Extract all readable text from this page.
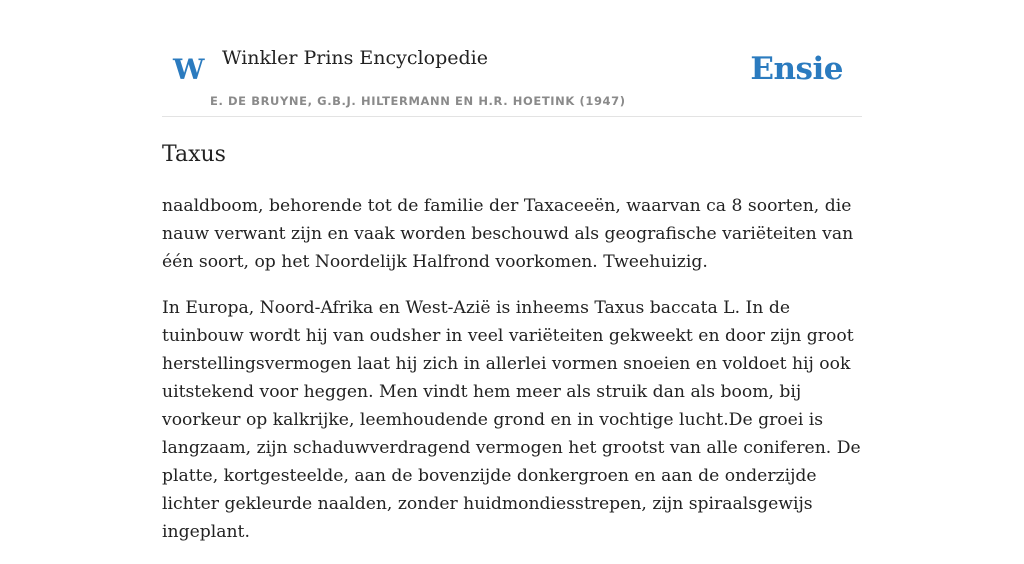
W Winkler Prins Encyclopedie
E. DE BRUYNE, G.B.J. HILTERMANN EN H.R. HOETINK (1947)
Ensie
Taxus

naaldboom, behorende tot de familie der Taxaceeën, waarvan ca 8 soorten, die nauw verwant zijn en vaak worden beschouwd als geografische variëteiten van één soort, op het Noordelijk Halfrond voorkomen. Tweehuizig.

In Europa, Noord-Afrika en West-Azië is inheems Taxus baccata L. In de tuinbouw wordt hij van oudsher in veel variëteiten gekweekt en door zijn groot herstellingsvermogen laat hij zich in allerlei vormen snoeien en voldoet hij ook uitstekend voor heggen. Men vindt hem meer als struik dan als boom, bij voorkeur op kalkrijke, leemhoudende grond en in vochtige lucht.De groei is langzaam, zijn schaduwverdragend vermogen het grootst van alle coniferen. De platte, kortgesteelde, aan de bovenzijde donkergroen en aan de onderzijde lichter gekleurde naalden, zonder huidmondiesstrepen, zijn spiraalsgewijs ingeplant.
